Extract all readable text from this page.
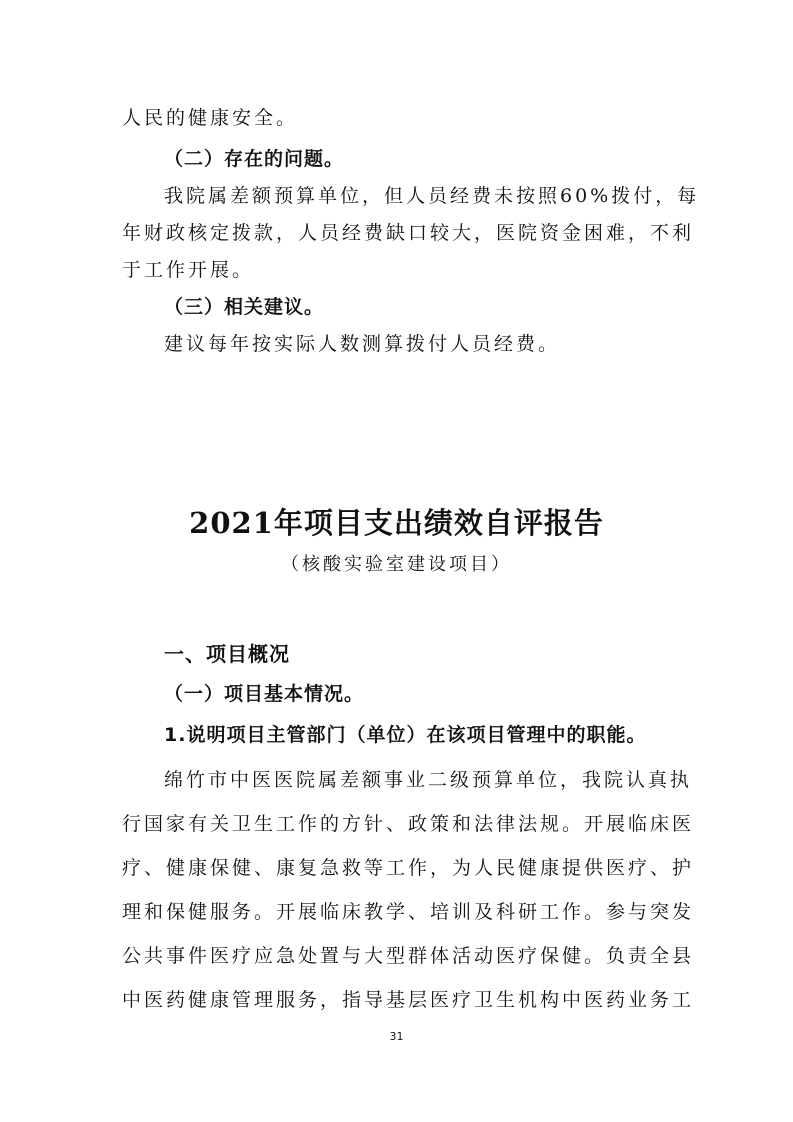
人民的健康安全。
（二）存在的问题。
我院属差额预算单位，但人员经费未按照60%拨付，每
年财政核定拨款，人员经费缺口较大，医院资金困难，不利
于工作开展。
（三）相关建议。
建议每年按实际人数测算拨付人员经费。
2021年项目支出绩效自评报告
（核酸实验室建设项目）
一、项目概况
（一）项目基本情况。
1.说明项目主管部门（单位）在该项目管理中的职能。
绵竹市中医医院属差额事业二级预算单位，我院认真执
行国家有关卫生工作的方针、政策和法律法规。开展临床医
疗、健康保健、康复急救等工作，为人民健康提供医疗、护
理和保健服务。开展临床教学、培训及科研工作。参与突发
公共事件医疗应急处置与大型群体活动医疗保健。负责全县
中医药健康管理服务，指导基层医疗卫生机构中医药业务工
31
